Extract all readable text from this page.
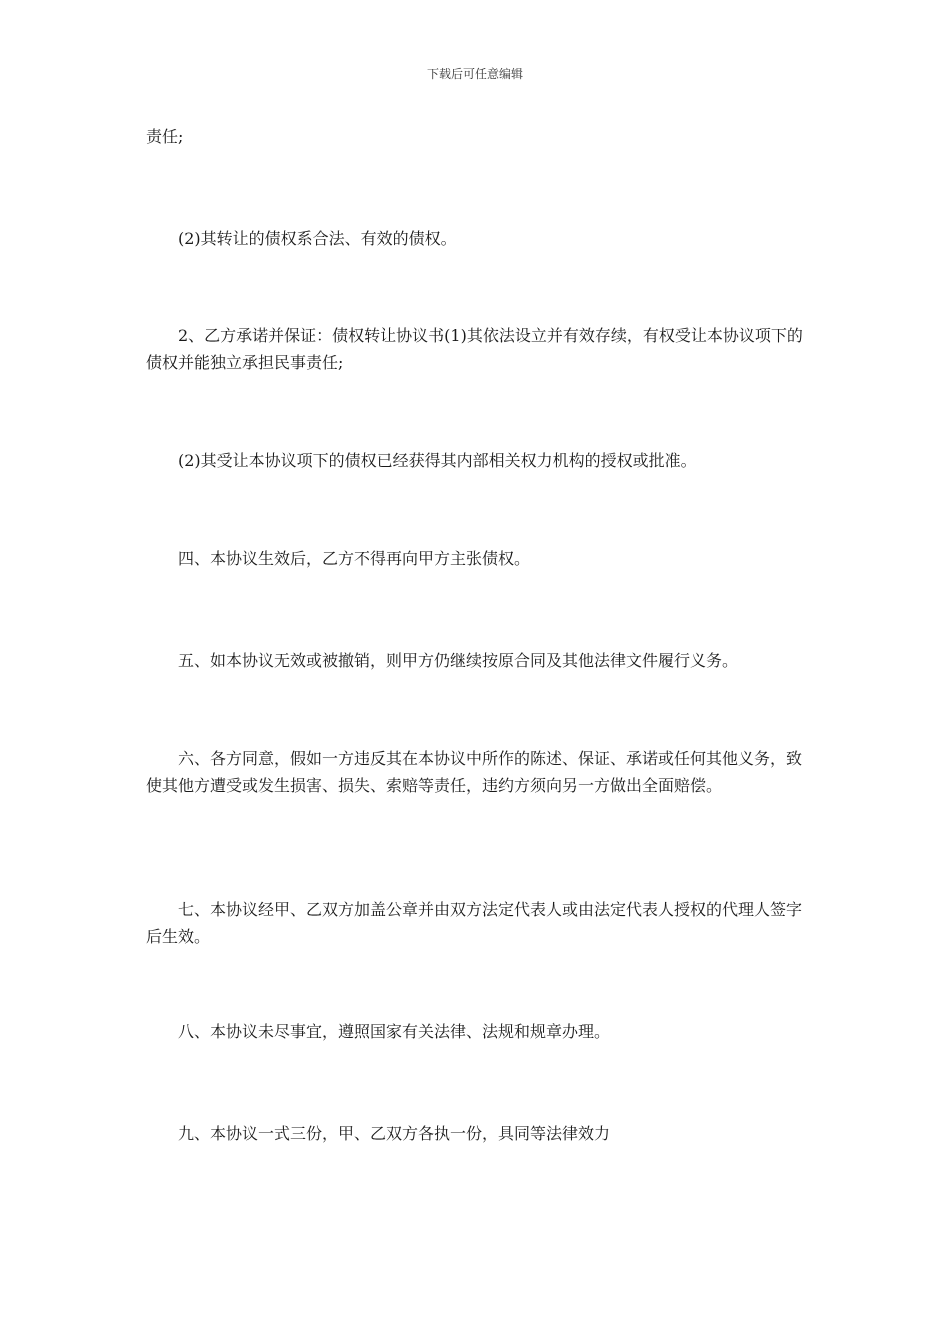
下载后可任意编辑

责任;

(2)其转让的债权系合法、有效的债权。

2、乙方承诺并保证：债权转让协议书(1)其依法设立并有效存续，有权受让本协议项下的债权并能独立承担民事责任;

(2)其受让本协议项下的债权已经获得其内部相关权力机构的授权或批准。

四、本协议生效后，乙方不得再向甲方主张债权。

五、如本协议无效或被撤销，则甲方仍继续按原合同及其他法律文件履行义务。

六、各方同意，假如一方违反其在本协议中所作的陈述、保证、承诺或任何其他义务，致使其他方遭受或发生损害、损失、索赔等责任，违约方须向另一方做出全面赔偿。

七、本协议经甲、乙双方加盖公章并由双方法定代表人或由法定代表人授权的代理人签字后生效。

八、本协议未尽事宜，遵照国家有关法律、法规和规章办理。

九、本协议一式三份，甲、乙双方各执一份，具同等法律效力
